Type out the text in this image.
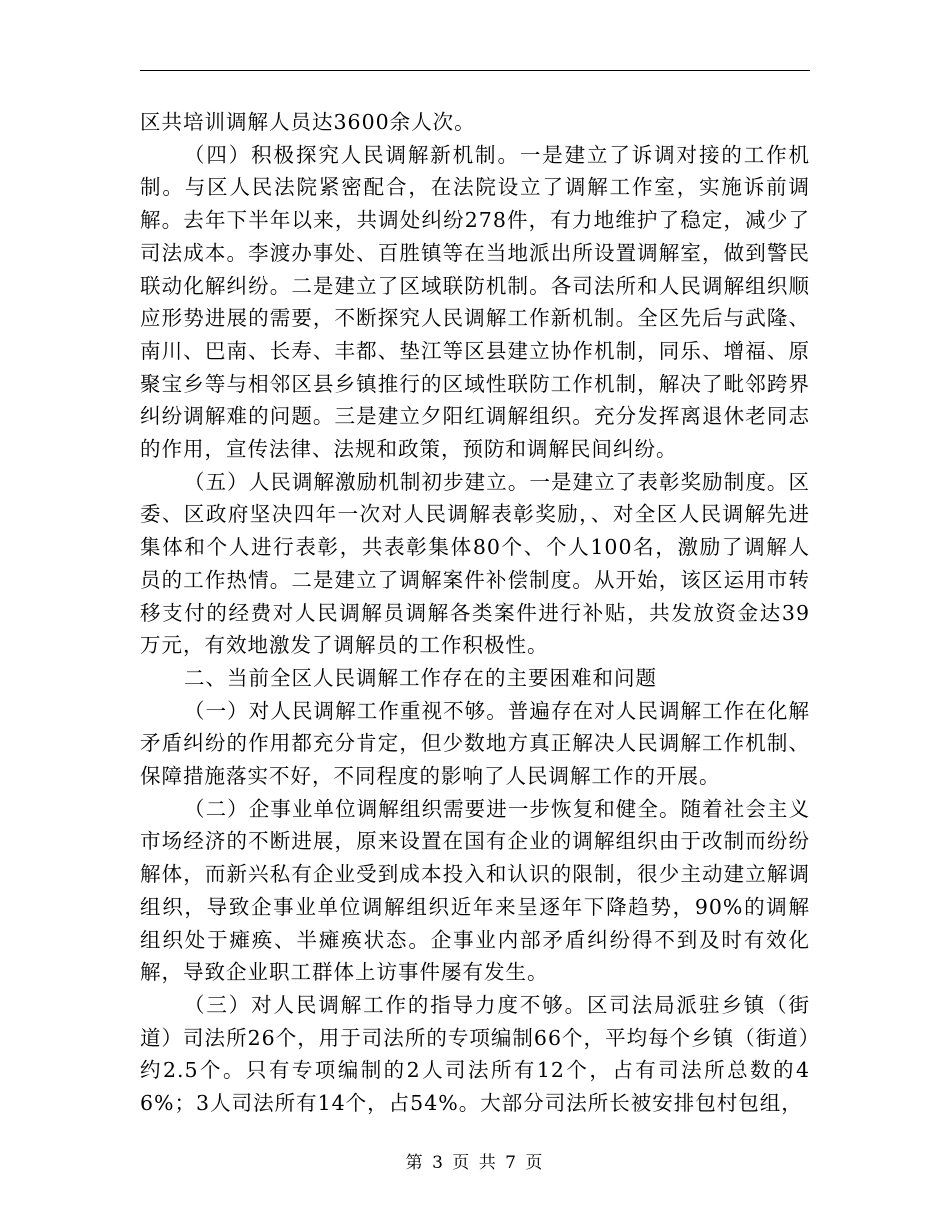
区共培训调解人员达3600余人次。

（四）积极探究人民调解新机制。一是建立了诉调对接的工作机制。与区人民法院紧密配合，在法院设立了调解工作室，实施诉前调解。去年下半年以来，共调处纠纷278件，有力地维护了稳定，减少了司法成本。李渡办事处、百胜镇等在当地派出所设置调解室，做到警民联动化解纠纷。二是建立了区域联防机制。各司法所和人民调解组织顺应形势进展的需要，不断探究人民调解工作新机制。全区先后与武隆、南川、巴南、长寿、丰都、垫江等区县建立协作机制，同乐、增福、原聚宝乡等与相邻区县乡镇推行的区域性联防工作机制，解决了毗邻跨界纠纷调解难的问题。三是建立夕阳红调解组织。充分发挥离退休老同志的作用，宣传法律、法规和政策，预防和调解民间纠纷。

（五）人民调解激励机制初步建立。一是建立了表彰奖励制度。区委、区政府坚决四年一次对人民调解表彰奖励，、对全区人民调解先进集体和个人进行表彰，共表彰集体80个、个人100名，激励了调解人员的工作热情。二是建立了调解案件补偿制度。从开始，该区运用市转移支付的经费对人民调解员调解各类案件进行补贴，共发放资金达39万元，有效地激发了调解员的工作积极性。

二、当前全区人民调解工作存在的主要困难和问题

（一）对人民调解工作重视不够。普遍存在对人民调解工作在化解矛盾纠纷的作用都充分肯定，但少数地方真正解决人民调解工作机制、保障措施落实不好，不同程度的影响了人民调解工作的开展。

（二）企事业单位调解组织需要进一步恢复和健全。随着社会主义市场经济的不断进展，原来设置在国有企业的调解组织由于改制而纷纷解体，而新兴私有企业受到成本投入和认识的限制，很少主动建立解调组织，导致企事业单位调解组织近年来呈逐年下降趋势，90%的调解组织处于瘫痪、半瘫痪状态。企事业内部矛盾纠纷得不到及时有效化解，导致企业职工群体上访事件屡有发生。

（三）对人民调解工作的指导力度不够。区司法局派驻乡镇（街道）司法所26个，用于司法所的专项编制66个，平均每个乡镇（街道）约2.5个。只有专项编制的2人司法所有12个，占有司法所总数的46%；3人司法所有14个，占54%。大部分司法所长被安排包村包组，

第 3 页 共 7 页
